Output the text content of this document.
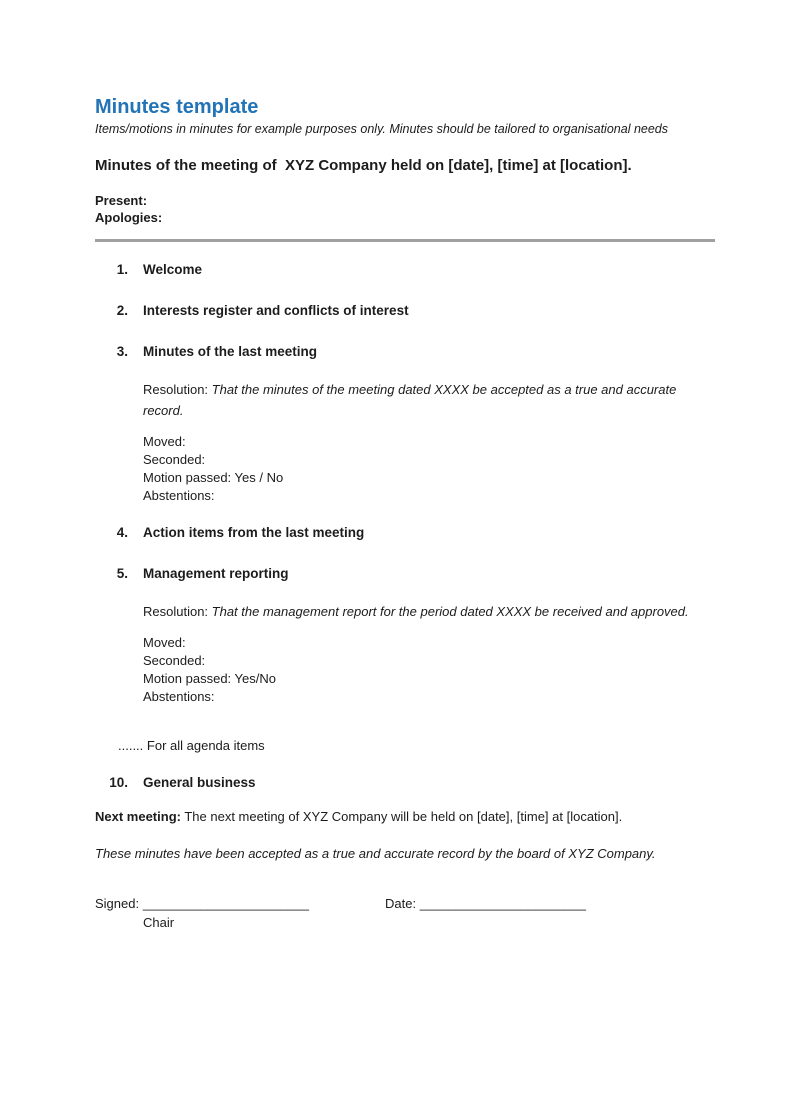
Minutes template

Items/motions in minutes for example purposes only. Minutes should be tailored to organisational needs

Minutes of the meeting of  XYZ Company held on [date], [time] at [location].

Present:

Apologies:

1. Welcome
2. Interests register and conflicts of interest
3. Minutes of the last meeting

Resolution: That the minutes of the meeting dated XXXX be accepted as a true and accurate record.

Moved:

Seconded:

Motion passed: Yes / No

Abstentions:

4. Action items from the last meeting
5. Management reporting

Resolution: That the management report for the period dated XXXX be received and approved.

Moved:

Seconded:

Motion passed: Yes/No

Abstentions:

....... For all agenda items

10. General business

Next meeting: The next meeting of XYZ Company will be held on [date], [time] at [location].

These minutes have been accepted as a true and accurate record by the board of XYZ Company.

Signed: _______________________	Date: _______________________

Chair
